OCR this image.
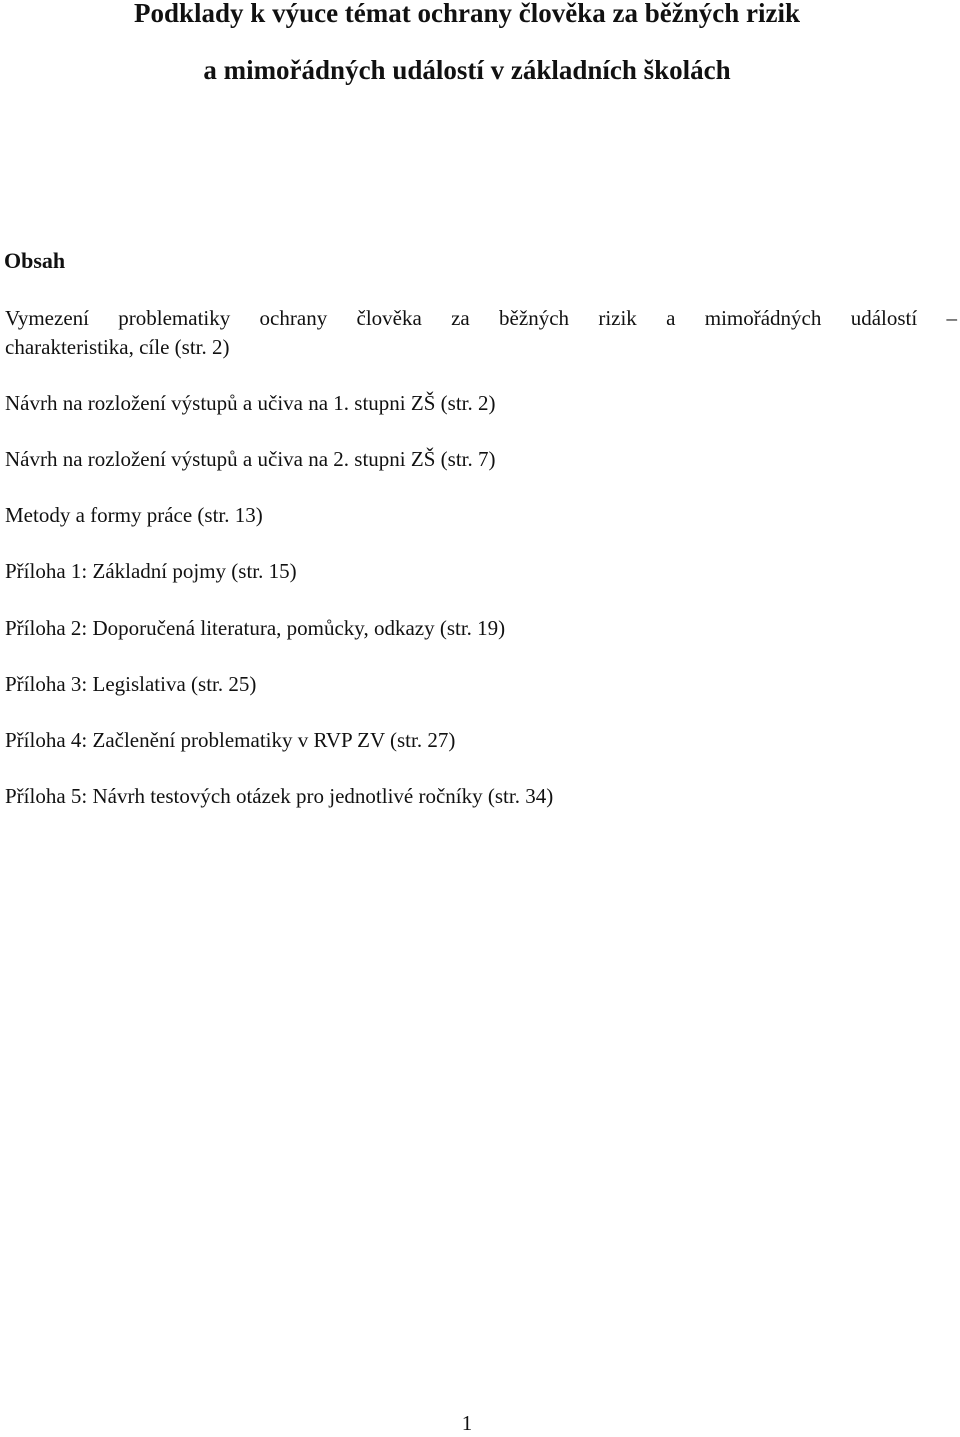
Podklady k výuce témat ochrany člověka za běžných rizik
a mimořádných událostí v základních školách
Obsah
Vymezení problematiky ochrany člověka za běžných rizik a mimořádných událostí –
charakteristika, cíle (str. 2)
Návrh na rozložení výstupů a učiva na 1. stupni ZŠ (str. 2)
Návrh na rozložení výstupů a učiva na 2. stupni ZŠ (str. 7)
Metody a formy práce (str. 13)
Příloha 1: Základní pojmy (str. 15)
Příloha 2: Doporučená literatura, pomůcky, odkazy (str. 19)
Příloha 3: Legislativa (str. 25)
Příloha 4: Začlenění problematiky v RVP ZV (str. 27)
Příloha 5: Návrh testových otázek pro jednotlivé ročníky (str. 34)
1
